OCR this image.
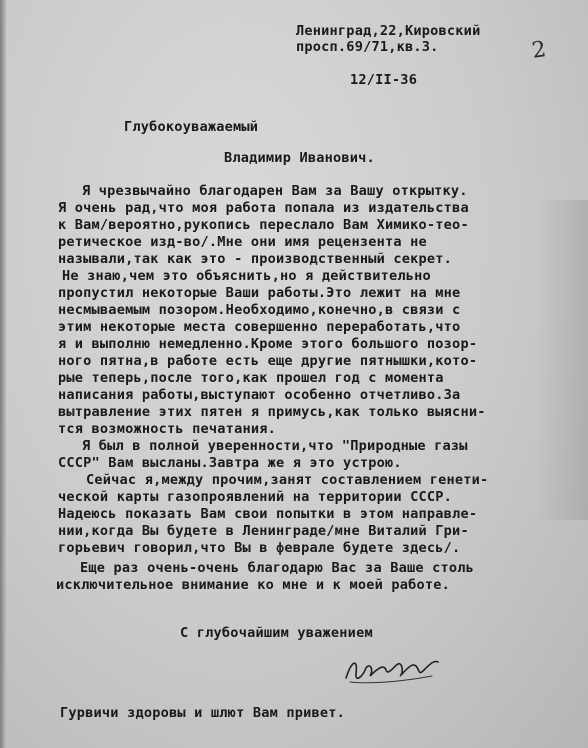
Ленинград,22,Кировский
просп.69/71,кв.3.	2
12/II-36
Глубокоуважаемый
Владимир Иванович.
Я чрезвычайно благодарен Вам за Вашу открытку.
Я очень рад,что моя работа попала из издательства
к Вам/вероятно,рукопись переслало Вам Химико-тео-
ретическое изд-во/.Мне они имя рецензента не
называли,так как это - производственный секрет.
Не знаю,чем это объяснить,но я действительно
пропустил некоторые Ваши работы.Это лежит на мне
несмываемым позором.Необходимо,конечно,в связи с
этим некоторые места совершенно переработать,что
я и выполню немедленно.Кроме этого большого позор-
ного пятна,в работе есть еще другие пятнышки,кото-
рые теперь,после того,как прошел год с момента
написания работы,выступают особенно отчетливо.За
вытравление этих пятен я примусь,как только выясни-
тся возможность печатания.
Я был в полной уверенности,что "Природные газы
СССР" Вам высланы.Завтра же я это устрою.
Сейчас я,между прочим,занят составлением генети-
ческой карты газопроявлений на территории СССР.
Надеюсь показать Вам свои попытки в этом направле-
нии,когда Вы будете в Ленинграде/мне Виталий Гри-
горьевич говорил,что Вы в феврале будете здесь/.
Еще раз очень-очень благодарю Вас за Ваше столь
исключительное внимание ко мне и к моей работе.
С глубочайшим уважением
Гурвичи здоровы и шлют Вам привет.
